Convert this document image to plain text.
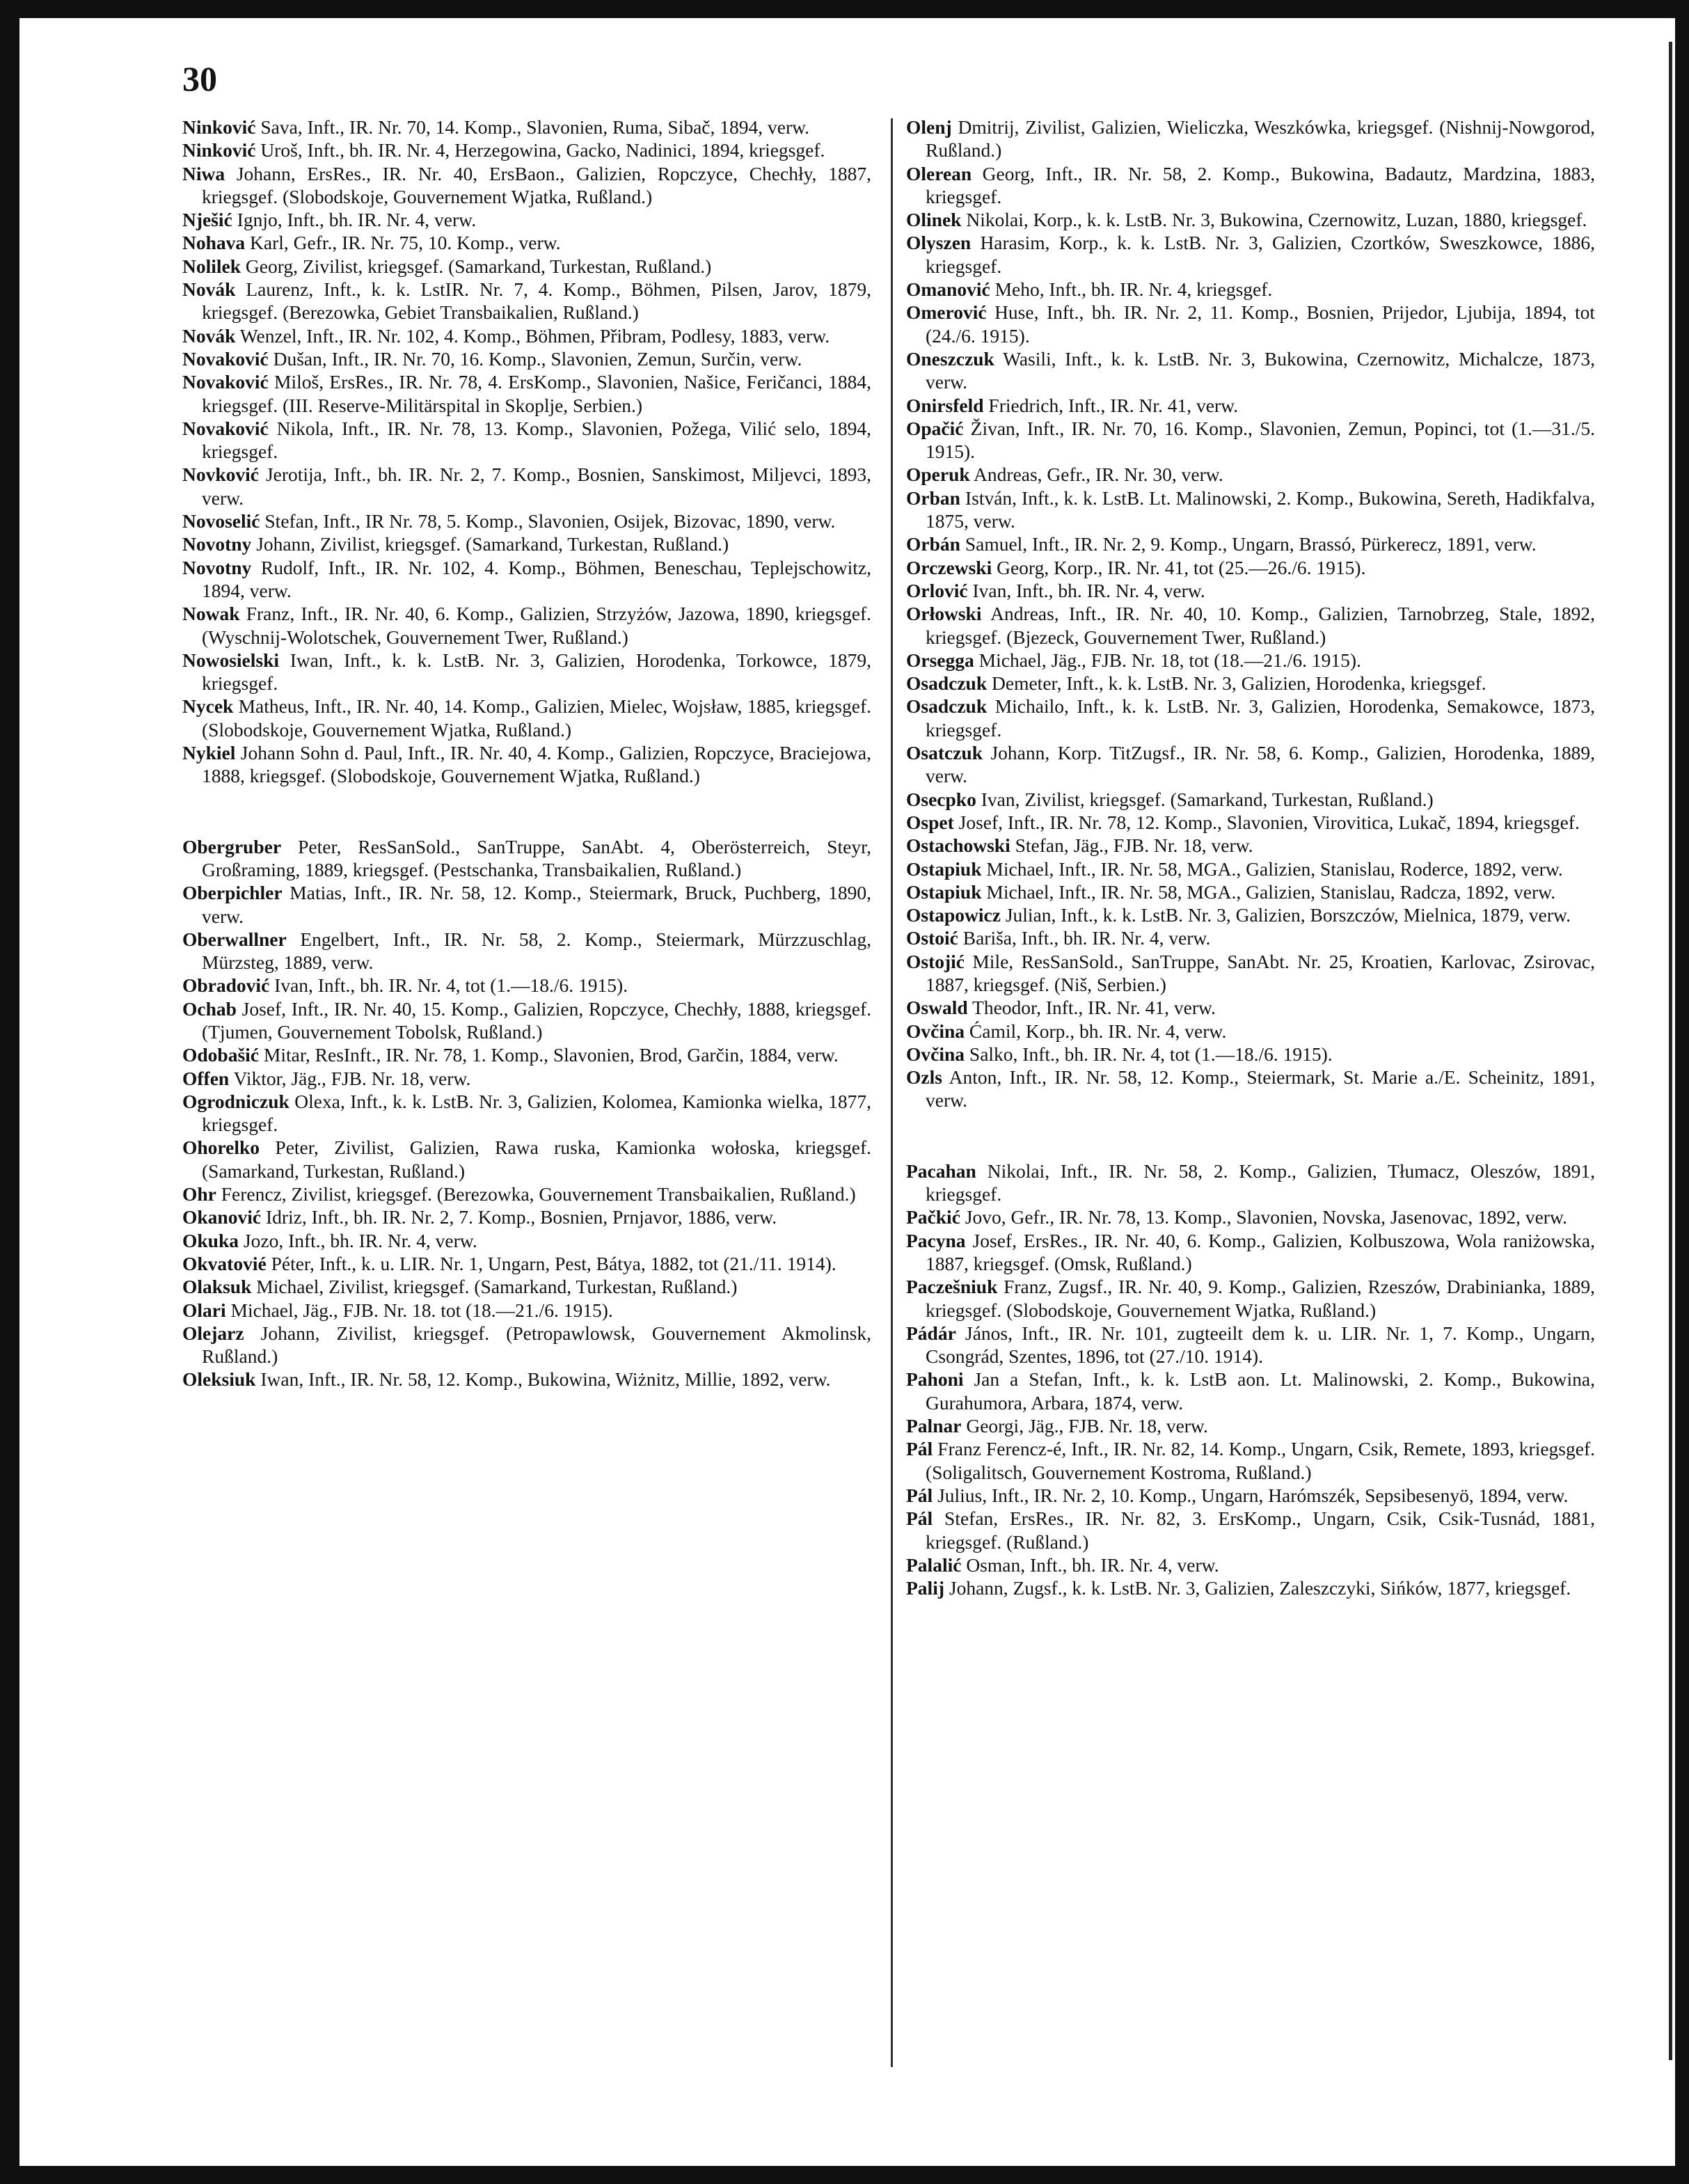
30

Ninković Sava, Inft., IR. Nr. 70, 14. Komp., Slavonien, Ruma, Sibač, 1894, verw.

Ninković Uroš, Inft., bh. IR. Nr. 4, Herzegowina, Gacko, Nadinici, 1894, kriegsgef.

Niwa Johann, ErsRes., IR. Nr. 40, ErsBaon., Galizien, Ropczyce, Chechły, 1887, kriegsgef. (Slobodskoje, Gouvernement Wjatka, Rußland.)

Nješić Ignjo, Inft., bh. IR. Nr. 4, verw.

Nohava Karl, Gefr., IR. Nr. 75, 10. Komp., verw.

Nolilek Georg, Zivilist, kriegsgef. (Samarkand, Turkestan, Rußland.)

Novák Laurenz, Inft., k. k. LstIR. Nr. 7, 4. Komp., Böhmen, Pilsen, Jarov, 1879, kriegsgef. (Berezowka, Gebiet Transbaikalien, Rußland.)

Novák Wenzel, Inft., IR. Nr. 102, 4. Komp., Böhmen, Přibram, Podlesy, 1883, verw.

Novaković Dušan, Inft., IR. Nr. 70, 16. Komp., Slavonien, Zemun, Surčin, verw.

Novaković Miloš, ErsRes., IR. Nr. 78, 4. ErsKomp., Slavonien, Našice, Feričanci, 1884, kriegsgef. (III. Reserve-Militärspital in Skoplje, Serbien.)

Novaković Nikola, Inft., IR. Nr. 78, 13. Komp., Slavonien, Požega, Vilić selo, 1894, kriegsgef.

Novković Jerotija, Inft., bh. IR. Nr. 2, 7. Komp., Bosnien, Sanskimost, Miljevci, 1893, verw.

Novoselić Stefan, Inft., IR Nr. 78, 5. Komp., Slavonien, Osijek, Bizovac, 1890, verw.

Novotny Johann, Zivilist, kriegsgef. (Samarkand, Turkestan, Rußland.)

Novotny Rudolf, Inft., IR. Nr. 102, 4. Komp., Böhmen, Beneschau, Teplejschowitz, 1894, verw.

Nowak Franz, Inft., IR. Nr. 40, 6. Komp., Galizien, Strzyżów, Jazowa, 1890, kriegsgef. (Wyschnij-Wolotschek, Gouvernement Twer, Rußland.)

Nowosielski Iwan, Inft., k. k. LstB. Nr. 3, Galizien, Horodenka, Torkowce, 1879, kriegsgef.

Nycek Matheus, Inft., IR. Nr. 40, 14. Komp., Galizien, Mielec, Wojsław, 1885, kriegsgef. (Slobodskoje, Gouvernement Wjatka, Rußland.)

Nykiel Johann Sohn d. Paul, Inft., IR. Nr. 40, 4. Komp., Galizien, Ropczyce, Braciejowa, 1888, kriegsgef. (Slobodskoje, Gouvernement Wjatka, Rußland.)

Obergruber Peter, ResSanSold., SanTruppe, SanAbt. 4, Oberösterreich, Steyr, Großraming, 1889, kriegsgef. (Pestschanka, Transbaikalien, Rußland.)

Oberpichler Matias, Inft., IR. Nr. 58, 12. Komp., Steiermark, Bruck, Puchberg, 1890, verw.

Oberwallner Engelbert, Inft., IR. Nr. 58, 2. Komp., Steiermark, Mürzzuschlag, Mürzsteg, 1889, verw.

Obradović Ivan, Inft., bh. IR. Nr. 4, tot (1.—18./6. 1915).

Ochab Josef, Inft., IR. Nr. 40, 15. Komp., Galizien, Ropczyce, Chechły, 1888, kriegsgef. (Tjumen, Gouvernement Tobolsk, Rußland.)

Odobašić Mitar, ResInft., IR. Nr. 78, 1. Komp., Slavonien, Brod, Garčin, 1884, verw.

Offen Viktor, Jäg., FJB. Nr. 18, verw.

Ogrodniczuk Olexa, Inft., k. k. LstB. Nr. 3, Galizien, Kolomea, Kamionka wielka, 1877, kriegsgef.

Ohorelko Peter, Zivilist, Galizien, Rawa ruska, Kamionka wołoska, kriegsgef. (Samarkand, Turkestan, Rußland.)

Ohr Ferencz, Zivilist, kriegsgef. (Berezowka, Gouvernement Transbaikalien, Rußland.)

Okanović Idriz, Inft., bh. IR. Nr. 2, 7. Komp., Bosnien, Prnjavor, 1886, verw.

Okuka Jozo, Inft., bh. IR. Nr. 4, verw.

Okvatovié Péter, Inft., k. u. LIR. Nr. 1, Ungarn, Pest, Bátya, 1882, tot (21./11. 1914).

Olaksuk Michael, Zivilist, kriegsgef. (Samarkand, Turkestan, Rußland.)

Olari Michael, Jäg., FJB. Nr. 18. tot (18.—21./6. 1915).

Olejarz Johann, Zivilist, kriegsgef. (Petropawlowsk, Gouvernement Akmolinsk, Rußland.)

Oleksiuk Iwan, Inft., IR. Nr. 58, 12. Komp., Bukowina, Wiżnitz, Millie, 1892, verw.

Olenj Dmitrij, Zivilist, Galizien, Wieliczka, Weszkówka, kriegsgef. (Nishnij-Nowgorod, Rußland.)

Olerean Georg, Inft., IR. Nr. 58, 2. Komp., Bukowina, Badautz, Mardzina, 1883, kriegsgef.

Olinek Nikolai, Korp., k. k. LstB. Nr. 3, Bukowina, Czernowitz, Luzan, 1880, kriegsgef.

Olyszen Harasim, Korp., k. k. LstB. Nr. 3, Galizien, Czortków, Sweszkowce, 1886, kriegsgef.

Omanović Meho, Inft., bh. IR. Nr. 4, kriegsgef.

Omerović Huse, Inft., bh. IR. Nr. 2, 11. Komp., Bosnien, Prijedor, Ljubija, 1894, tot (24./6. 1915).

Oneszczuk Wasili, Inft., k. k. LstB. Nr. 3, Bukowina, Czernowitz, Michalcze, 1873, verw.

Onirsfeld Friedrich, Inft., IR. Nr. 41, verw.

Opačić Živan, Inft., IR. Nr. 70, 16. Komp., Slavonien, Zemun, Popinci, tot (1.—31./5. 1915).

Operuk Andreas, Gefr., IR. Nr. 30, verw.

Orban István, Inft., k. k. LstB. Lt. Malinowski, 2. Komp., Bukowina, Sereth, Hadikfalva, 1875, verw.

Orbán Samuel, Inft., IR. Nr. 2, 9. Komp., Ungarn, Brassó, Pürkerecz, 1891, verw.

Orczewski Georg, Korp., IR. Nr. 41, tot (25.—26./6. 1915).

Orlović Ivan, Inft., bh. IR. Nr. 4, verw.

Orłowski Andreas, Inft., IR. Nr. 40, 10. Komp., Galizien, Tarnobrzeg, Stale, 1892, kriegsgef. (Bjezeck, Gouvernement Twer, Rußland.)

Orsegga Michael, Jäg., FJB. Nr. 18, tot (18.—21./6. 1915).

Osadczuk Demeter, Inft., k. k. LstB. Nr. 3, Galizien, Horodenka, kriegsgef.

Osadczuk Michailo, Inft., k. k. LstB. Nr. 3, Galizien, Horodenka, Semakowce, 1873, kriegsgef.

Osatczuk Johann, Korp. TitZugsf., IR. Nr. 58, 6. Komp., Galizien, Horodenka, 1889, verw.

Osecpko Ivan, Zivilist, kriegsgef. (Samarkand, Turkestan, Rußland.)

Ospet Josef, Inft., IR. Nr. 78, 12. Komp., Slavonien, Virovitica, Lukač, 1894, kriegsgef.

Ostachowski Stefan, Jäg., FJB. Nr. 18, verw.

Ostapiuk Michael, Inft., IR. Nr. 58, MGA., Galizien, Stanislau, Roderce, 1892, verw.

Ostapiuk Michael, Inft., IR. Nr. 58, MGA., Galizien, Stanislau, Radcza, 1892, verw.

Ostapowicz Julian, Inft., k. k. LstB. Nr. 3, Galizien, Borszczów, Mielnica, 1879, verw.

Ostoić Bariša, Inft., bh. IR. Nr. 4, verw.

Ostojić Mile, ResSanSold., SanTruppe, SanAbt. Nr. 25, Kroatien, Karlovac, Zsirovac, 1887, kriegsgef. (Niš, Serbien.)

Oswald Theodor, Inft., IR. Nr. 41, verw.

Ovčina Ćamil, Korp., bh. IR. Nr. 4, verw.

Ovčina Salko, Inft., bh. IR. Nr. 4, tot (1.—18./6. 1915).

Ozls Anton, Inft., IR. Nr. 58, 12. Komp., Steiermark, St. Marie a./E. Scheinitz, 1891, verw.

Pacahan Nikolai, Inft., IR. Nr. 58, 2. Komp., Galizien, Tłumacz, Oleszów, 1891, kriegsgef.

Pačkić Jovo, Gefr., IR. Nr. 78, 13. Komp., Slavonien, Novska, Jasenovac, 1892, verw.

Pacyna Josef, ErsRes., IR. Nr. 40, 6. Komp., Galizien, Kolbuszowa, Wola raniżowska, 1887, kriegsgef. (Omsk, Rußland.)

Paczešniuk Franz, Zugsf., IR. Nr. 40, 9. Komp., Galizien, Rzeszów, Drabinianka, 1889, kriegsgef. (Slobodskoje, Gouvernement Wjatka, Rußland.)

Pádár János, Inft., IR. Nr. 101, zugteeilt dem k. u. LIR. Nr. 1, 7. Komp., Ungarn, Csongrád, Szentes, 1896, tot (27./10. 1914).

Pahoni Jan a Stefan, Inft., k. k. LstB aon. Lt. Malinowski, 2. Komp., Bukowina, Gurahumora, Arbara, 1874, verw.

Palnar Georgi, Jäg., FJB. Nr. 18, verw.

Pál Franz Ferencz-é, Inft., IR. Nr. 82, 14. Komp., Ungarn, Csik, Remete, 1893, kriegsgef. (Soligalitsch, Gouvernement Kostroma, Rußland.)

Pál Julius, Inft., IR. Nr. 2, 10. Komp., Ungarn, Harómszék, Sepsibesenyö, 1894, verw.

Pál Stefan, ErsRes., IR. Nr. 82, 3. ErsKomp., Ungarn, Csik, Csik-Tusnád, 1881, kriegsgef. (Rußland.)

Palalić Osman, Inft., bh. IR. Nr. 4, verw.

Palij Johann, Zugsf., k. k. LstB. Nr. 3, Galizien, Zaleszczyki, Sińków, 1877, kriegsgef.
